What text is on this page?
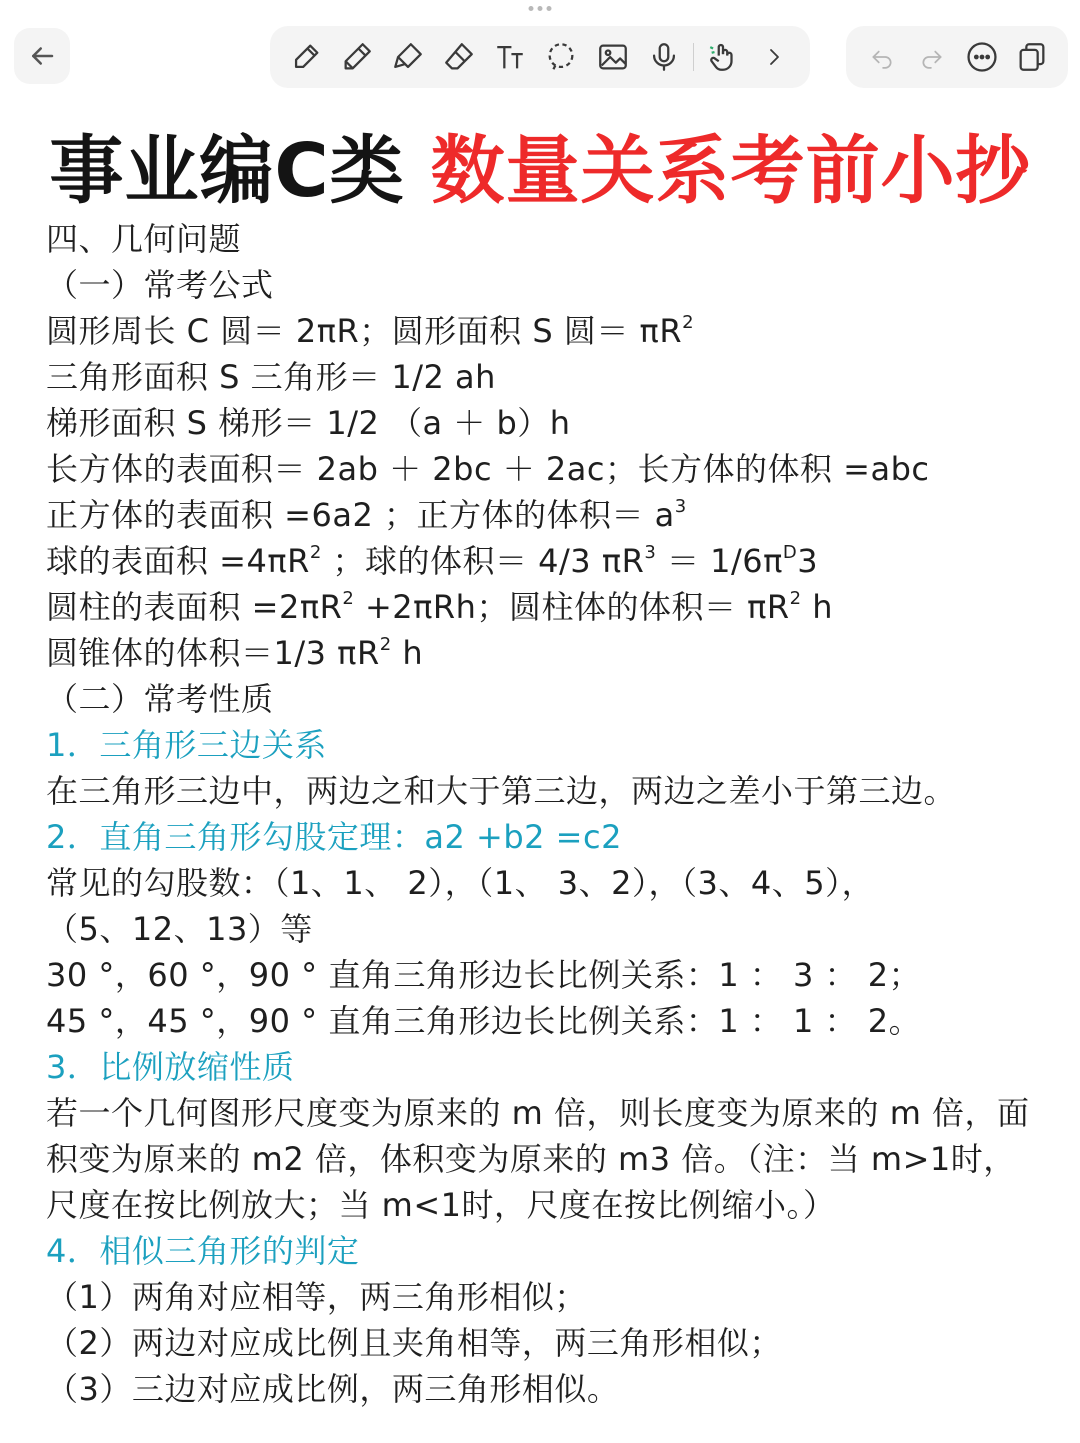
事业编C类 数量关系考前小抄
四、几何问题
（一）常考公式
圆形周长 C 圆＝ 2πR；圆形面积 S 圆＝ $\pi R^2$
三角形面积 S 三角形＝ 1/2 ah
梯形面积 S 梯形＝ 1/2 （a ＋ b）h
长方体的表面积＝ 2ab ＋ 2bc ＋ 2ac；长方体的体积 =abc
正方体的表面积 =6a2 ；正方体的体积＝ $a^3$
球的表面积 $=4\pi R^2$ ；球的体积＝ 4/3 $\pi R^3 = 1/6\pi^D3$
圆柱的表面积 $=2\pi R^2 +2\pi Rh$；圆柱体的体积＝ $\pi R^2$ h
圆锥体的体积＝1/3 $\pi R^2$ h
（二）常考性质
1．三角形三边关系
在三角形三边中，两边之和大于第三边，两边之差小于第三边。
2．直角三角形勾股定理：a2 +b2 =c2
常见的勾股数：（1、1、 2），（1、 3、2），（3、4、5），
（5、12、13）等
30 °，60 °，90 ° 直角三角形边长比例关系：1 ： 3 ： 2；
45 °，45 °，90 ° 直角三角形边长比例关系：1 ： 1 ： 2。
3．比例放缩性质
若一个几何图形尺度变为原来的 m 倍，则长度变为原来的 m 倍，面
积变为原来的 m2 倍，体积变为原来的 m3 倍。（注：当 m>1时，
尺度在按比例放大；当 m<1时，尺度在按比例缩小。）
4．相似三角形的判定
（1）两角对应相等，两三角形相似；
（2）两边对应成比例且夹角相等，两三角形相似；
（3）三边对应成比例，两三角形相似。
